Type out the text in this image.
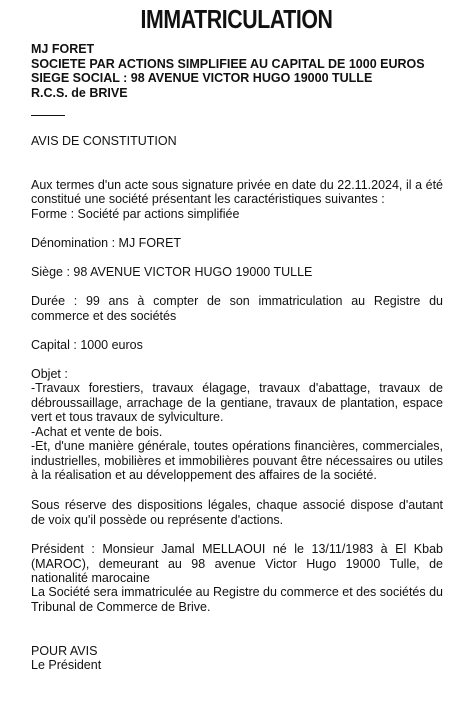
IMMATRICULATION
MJ FORET
SOCIETE PAR ACTIONS SIMPLIFIEE AU CAPITAL DE 1000 EUROS
SIEGE SOCIAL : 98 AVENUE VICTOR HUGO 19000 TULLE
R.C.S. de BRIVE
AVIS DE CONSTITUTION
Aux termes d'un acte sous signature privée en date du 22.11.2024, il a été constitué une société présentant les caractéristiques suivantes :
Forme : Société par actions simplifiée
Dénomination : MJ FORET
Siège : 98 AVENUE VICTOR HUGO 19000 TULLE
Durée : 99 ans à compter de son immatriculation au Registre du commerce et des sociétés
Capital : 1000 euros
Objet :
-Travaux forestiers, travaux élagage, travaux d'abattage, travaux de débroussaillage, arrachage de la gentiane, travaux de plantation, espace vert et tous travaux de sylviculture.
-Achat et vente de bois.
-Et, d'une manière générale, toutes opérations financières, commerciales, industrielles, mobilières et immobilières pouvant être nécessaires ou utiles à la réalisation et au développement des affaires de la société.
Sous réserve des dispositions légales, chaque associé dispose d'autant de voix qu'il possède ou représente d'actions.
Président : Monsieur Jamal MELLAOUI né le 13/11/1983 à El Kbab (MAROC), demeurant au 98 avenue Victor Hugo 19000 Tulle, de nationalité marocaine
La Société sera immatriculée au Registre du commerce et des sociétés du Tribunal de Commerce de Brive.
POUR AVIS
Le Président
